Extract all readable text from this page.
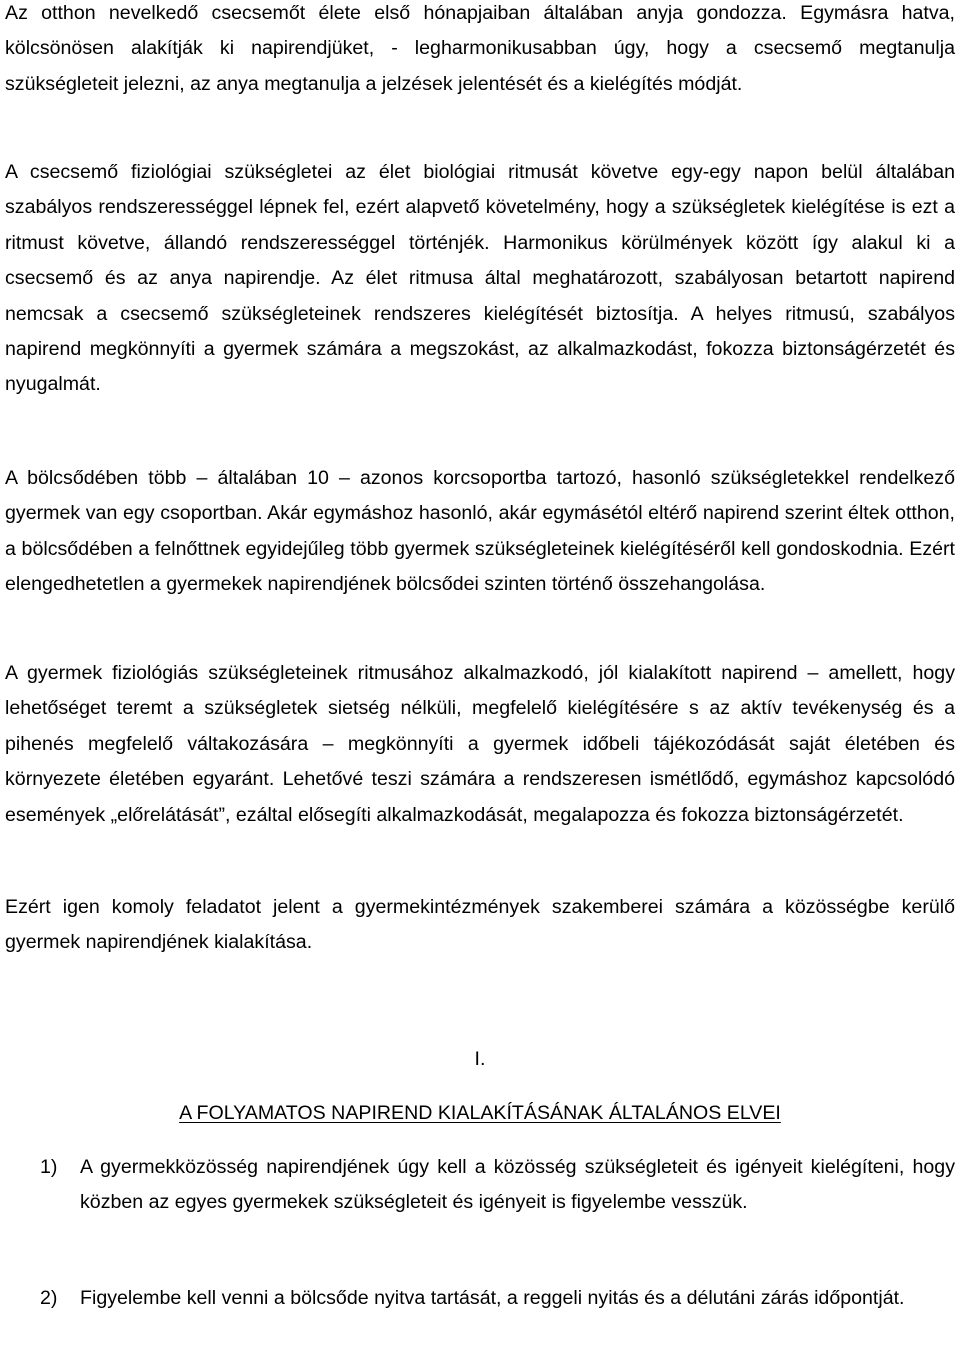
Az otthon nevelkedő csecsemőt élete első hónapjaiban általában anyja gondozza. Egymásra hatva, kölcsönösen alakítják ki napirendjüket, - legharmonikusabban úgy, hogy a csecsemő megtanulja szükségleteit jelezni, az anya megtanulja a jelzések jelentését és a kielégítés módját.

A csecsemő fiziológiai szükségletei az élet biológiai ritmusát követve egy-egy napon belül általában szabályos rendszerességgel lépnek fel, ezért alapvető követelmény, hogy a szükségletek kielégítése is ezt a ritmust követve, állandó rendszerességgel történjék. Harmonikus körülmények között így alakul ki a csecsemő és az anya napirendje. Az élet ritmusa által meghatározott, szabályosan betartott napirend nemcsak a csecsemő szükségleteinek rendszeres kielégítését biztosítja. A helyes ritmusú, szabályos napirend megkönnyíti a gyermek számára a megszokást, az alkalmazkodást, fokozza biztonságérzetét és nyugalmát.

A bölcsődében több – általában 10 – azonos korcsoportba tartozó, hasonló szükségletekkel rendelkező gyermek van egy csoportban. Akár egymáshoz hasonló, akár egymásétól eltérő napirend szerint éltek otthon, a bölcsődében a felnőttnek egyidejűleg több gyermek szükségleteinek kielégítéséről kell gondoskodnia. Ezért elengedhetetlen a gyermekek napirendjének bölcsődei szinten történő összehangolása.

A gyermek fiziológiás szükségleteinek ritmusához alkalmazkodó, jól kialakított napirend – amellett, hogy lehetőséget teremt a szükségletek sietség nélküli, megfelelő kielégítésére s az aktív tevékenység és a pihenés megfelelő váltakozására – megkönnyíti a gyermek időbeli tájékozódását saját életében és környezete életében egyaránt. Lehetővé teszi számára a rendszeresen ismétlődő, egymáshoz kapcsolódó események „előrelátását”, ezáltal elősegíti alkalmazkodását, megalapozza és fokozza biztonságérzetét.

Ezért igen komoly feladatot jelent a gyermekintézmények szakemberei számára a közösségbe kerülő gyermek napirendjének kialakítása.

I.
A FOLYAMATOS NAPIREND KIALAKÍTÁSÁNAK ÁLTALÁNOS ELVEI
1) A gyermekközösség napirendjének úgy kell a közösség szükségleteit és igényeit kielégíteni, hogy közben az egyes gyermekek szükségleteit és igényeit is figyelembe vesszük.

2) Figyelembe kell venni a bölcsőde nyitva tartását, a reggeli nyitás és a délutáni zárás időpontját.
